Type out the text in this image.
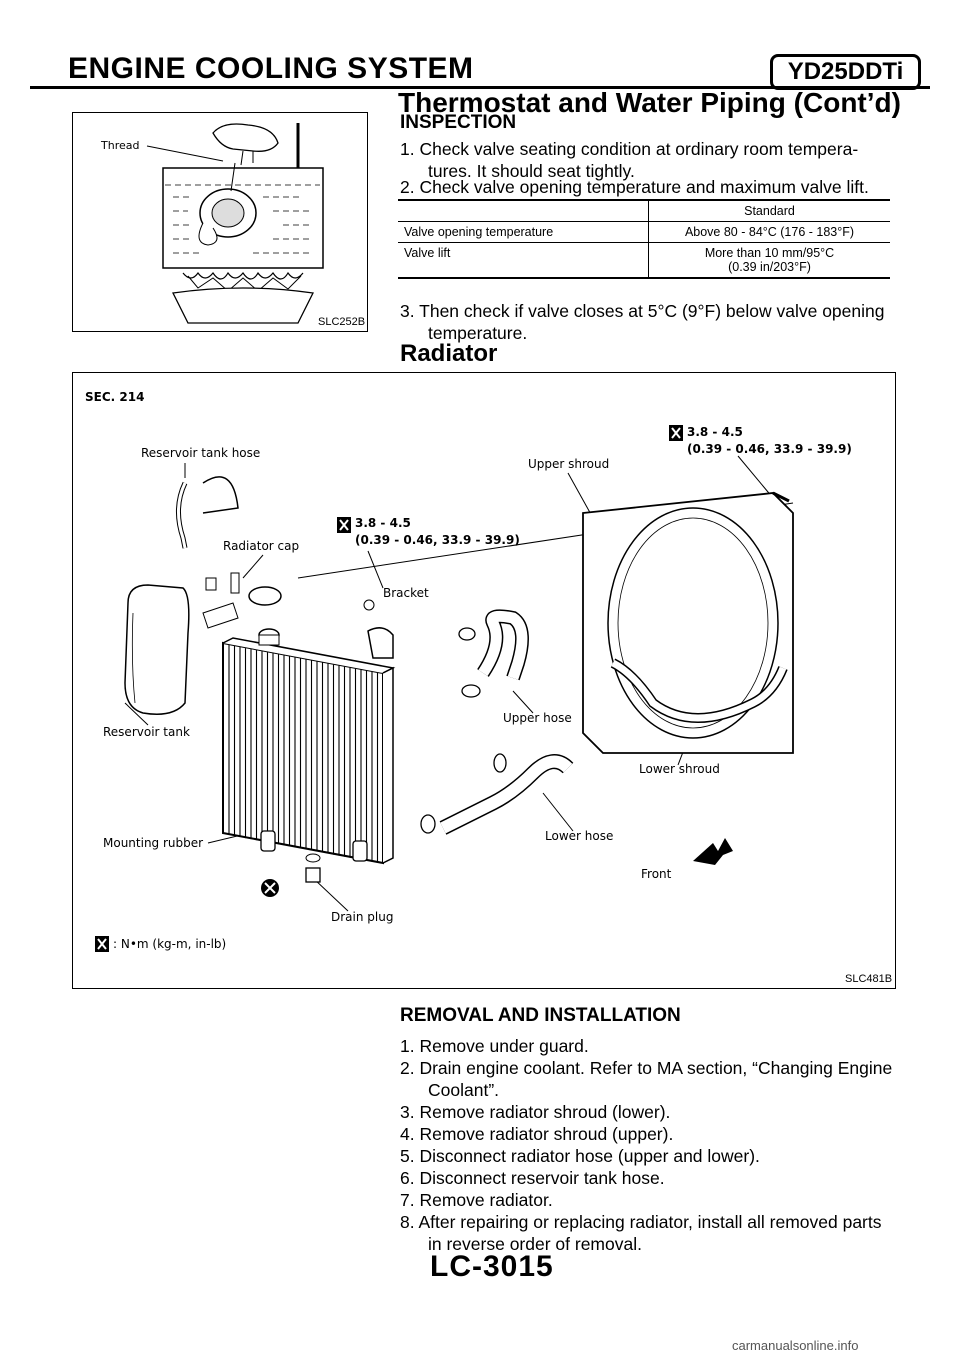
ENGINE COOLING SYSTEM	YD25DDTi
Thermostat and Water Piping (Cont’d)
Thread
SLC252B
INSPECTION
1. Check valve seating condition at ordinary room tempera-
tures. It should seat tightly.
2. Check valve opening temperature and maximum valve lift.
	Standard
Valve opening temperature	Above 80 - 84°C (176 - 183°F)
Valve lift	More than 10 mm/95°C
(0.39 in/203°F)
3. Then check if valve closes at 5°C (9°F) below valve opening
temperature.
Radiator
SEC. 214
3.8 - 4.5
(0.39 - 0.46, 33.9 - 39.9)
3.8 - 4.5
(0.39 - 0.46, 33.9 - 39.9)
Reservoir tank hose
Radiator cap
Reservoir tank
Bracket
Upper shroud
Upper hose
Lower shroud
Lower hose
Mounting rubber
Drain plug
Front
: N•m (kg-m, in-lb)
SLC481B
REMOVAL AND INSTALLATION
1. Remove under guard.
2. Drain engine coolant. Refer to MA section, “Changing Engine
Coolant”.
3. Remove radiator shroud (lower).
4. Remove radiator shroud (upper).
5. Disconnect radiator hose (upper and lower).
6. Disconnect reservoir tank hose.
7. Remove radiator.
8. After repairing or replacing radiator, install all removed parts
in reverse order of removal.
LC-3015
carmanualsonline.info
